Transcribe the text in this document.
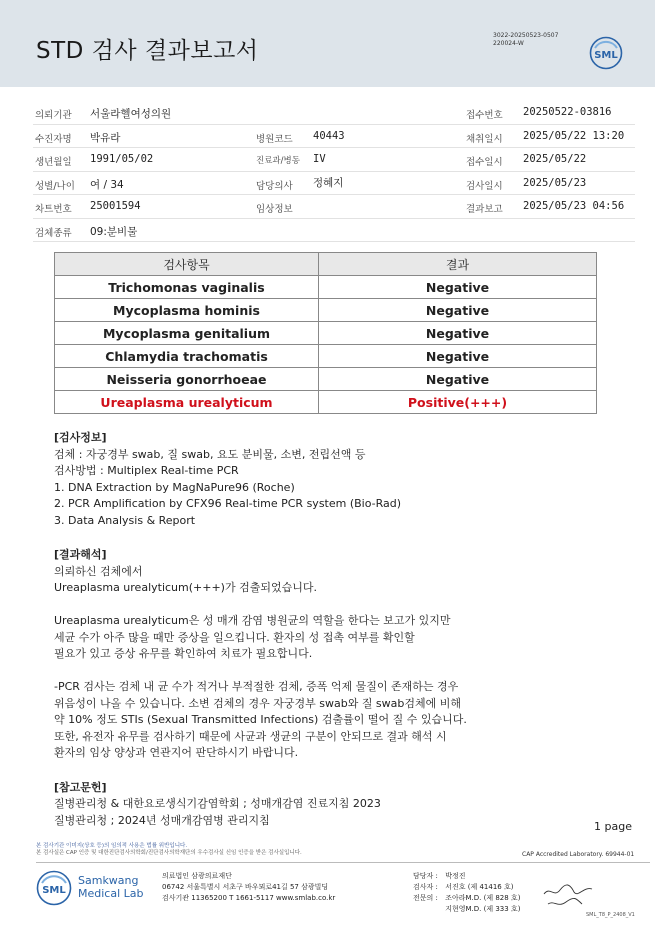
STD 검사 결과보고서
3022-20250523-0507
220024-W
SML
의뢰기관 서울라헬여성의원	접수번호 20250522-03816
수진자명 박유라	병원코드 40443	채취일시 2025/05/22 13:20
생년월일 1991/05/02	진료과/병동 IV	접수일시 2025/05/22
성별/나이 여 / 34	담당의사 정혜지	검사일시 2025/05/23
차트번호 25001594	임상정보	결과보고 2025/05/23 04:56
검체종류 09:분비물
검사항목	결과
Trichomonas vaginalis	Negative
Mycoplasma hominis	Negative
Mycoplasma genitalium	Negative
Chlamydia trachomatis	Negative
Neisseria gonorrhoeae	Negative
Ureaplasma urealyticum	Positive(+++)
[검사정보]
검체 : 자궁경부 swab, 질 swab, 요도 분비물, 소변, 전립선액 등
검사방법 : Multiplex Real-time PCR
1. DNA Extraction by MagNaPure96 (Roche)
2. PCR Amplification by CFX96 Real-time PCR system (Bio-Rad)
3. Data Analysis & Report
[결과해석]
의뢰하신 검체에서
Ureaplasma urealyticum(+++)가 검출되었습니다.
Ureaplasma urealyticum은 성 매개 감염 병원균의 역할을 한다는 보고가 있지만
세균 수가 아주 많을 때만 증상을 일으킵니다. 환자의 성 접촉 여부를 확인할
필요가 있고 증상 유무를 확인하여 치료가 필요합니다.
-PCR 검사는 검체 내 균 수가 적거나 부적절한 검체, 증폭 억제 물질이 존재하는 경우
위음성이 나올 수 있습니다. 소변 검체의 경우 자궁경부 swab와 질 swab검체에 비해
약 10% 정도 STIs (Sexual Transmitted Infections) 검출률이 떨어 질 수 있습니다.
또한, 유전자 유무를 검사하기 때문에 사균과 생균의 구분이 안되므로 결과 해석 시
환자의 임상 양상과 연관지어 판단하시기 바랍니다.
[참고문헌]
질병관리청 & 대한요로생식기감염학회 ; 성매개감염 진료지침 2023
질병관리청 ; 2024년 성매개감염병 관리지침	1 page
본 검사기관 이미지(상호 등)의 임의적 사용은 법률 위반입니다.
본 검사실은 CAP 인증 및 대한진단검사의학회/진단검사의학재단의 우수검사실 신임 인증을 받은 검사실입니다.	CAP Accredited Laboratory. 69944-01
SML
Samkwang
Medical Lab
의료법인 삼광의료재단
06742 서울특별시 서초구 바우뫼로41길 57 삼광빌딩
검사기관 11365200 T 1661-5117 www.smlab.co.kr
담당자 : 박정진
검사자 : 서진호 (제 41416 호)
전문의 : 조아라M.D. (제 828 호)
지현영M.D. (제 333 호)
SML_T8_P_2408_V1
